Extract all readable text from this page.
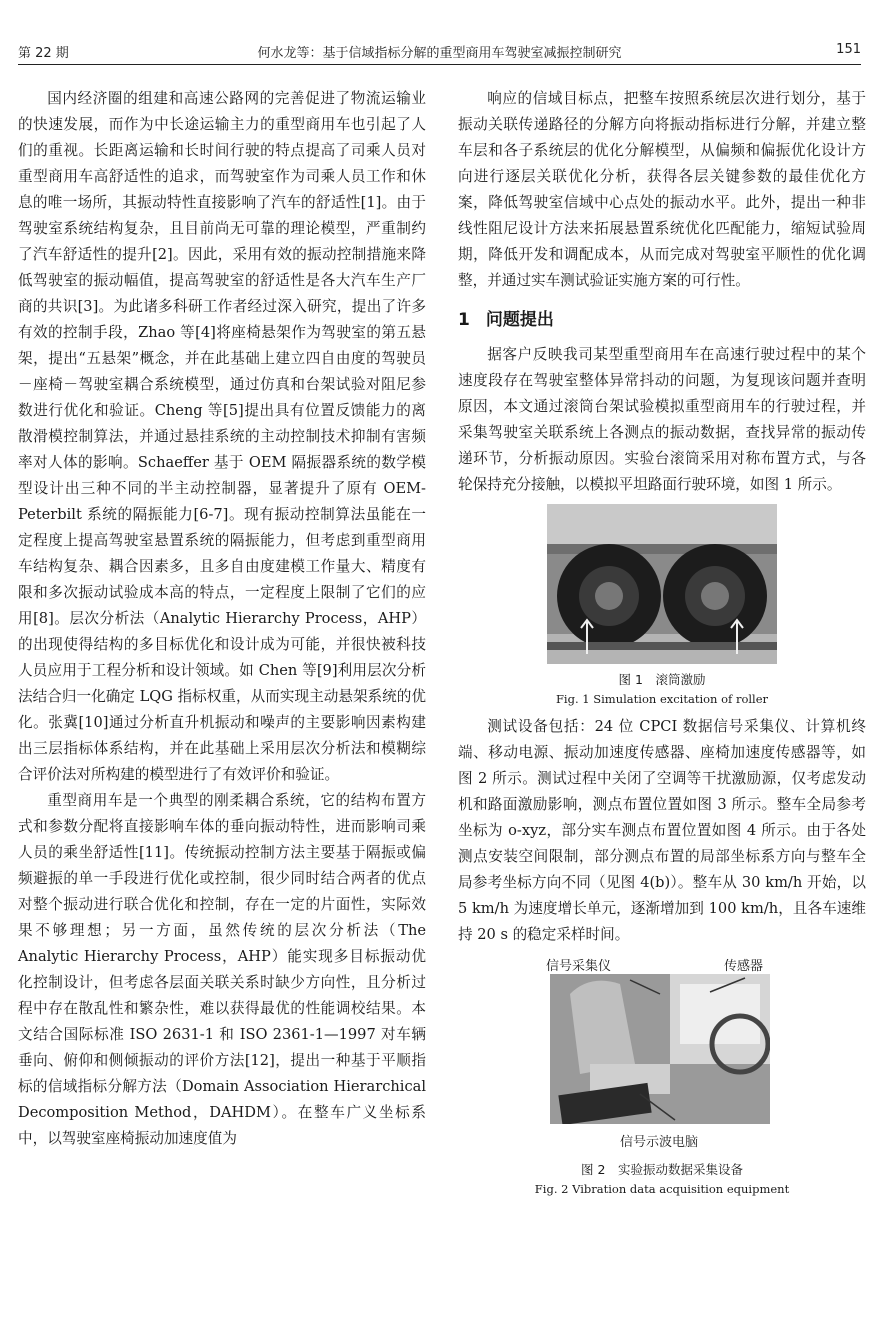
第 22 期	何水龙等：基于信域指标分解的重型商用车驾驶室减振控制研究	151

国内经济圈的组建和高速公路网的完善促进了物流运输业的快速发展，而作为中长途运输主力的重型商用车也引起了人们的重视。长距离运输和长时间行驶的特点提高了司乘人员对重型商用车高舒适性的追求，而驾驶室作为司乘人员工作和休息的唯一场所，其振动特性直接影响了汽车的舒适性[1]。由于驾驶室系统结构复杂，且目前尚无可靠的理论模型，严重制约了汽车舒适性的提升[2]。因此，采用有效的振动控制措施来降低驾驶室的振动幅值，提高驾驶室的舒适性是各大汽车生产厂商的共识[3]。为此诸多科研工作者经过深入研究，提出了许多有效的控制手段，Zhao 等[4]将座椅悬架作为驾驶室的第五悬架，提出“五悬架”概念，并在此基础上建立四自由度的驾驶员－座椅－驾驶室耦合系统模型，通过仿真和台架试验对阻尼参数进行优化和验证。Cheng 等[5]提出具有位置反馈能力的离散滑模控制算法，并通过悬挂系统的主动控制技术抑制有害频率对人体的影响。Schaeffer 基于 OEM 隔振器系统的数学模型设计出三种不同的半主动控制器，显著提升了原有 OEM-Peterbilt 系统的隔振能力[6-7]。现有振动控制算法虽能在一定程度上提高驾驶室悬置系统的隔振能力，但考虑到重型商用车结构复杂、耦合因素多，且多自由度建模工作量大、精度有限和多次振动试验成本高的特点，一定程度上限制了它们的应用[8]。层次分析法（Analytic Hierarchy Process，AHP）的出现使得结构的多目标优化和设计成为可能，并很快被科技人员应用于工程分析和设计领域。如 Chen 等[9]利用层次分析法结合归一化确定 LQG 指标权重，从而实现主动悬架系统的优化。张冀[10]通过分析直升机振动和噪声的主要影响因素构建出三层指标体系结构，并在此基础上采用层次分析法和模糊综合评价法对所构建的模型进行了有效评价和验证。

重型商用车是一个典型的刚柔耦合系统，它的结构布置方式和参数分配将直接影响车体的垂向振动特性，进而影响司乘人员的乘坐舒适性[11]。传统振动控制方法主要基于隔振或偏频避振的单一手段进行优化或控制，很少同时结合两者的优点对整个振动进行联合优化和控制，存在一定的片面性，实际效果不够理想；另一方面，虽然传统的层次分析法（The Analytic Hierarchy Process，AHP）能实现多目标振动优化控制设计，但考虑各层面关联关系时缺少方向性，且分析过程中存在散乱性和繁杂性，难以获得最优的性能调校结果。本文结合国际标准 ISO 2631-1 和 ISO 2361-1—1997 对车辆垂向、俯仰和侧倾振动的评价方法[12]，提出一种基于平顺指标的信域指标分解方法（Domain Association Hierarchical Decomposition Method，DAHDM）。在整车广义坐标系中，以驾驶室座椅振动加速度值为

响应的信域目标点，把整车按照系统层次进行划分，基于振动关联传递路径的分解方向将振动指标进行分解，并建立整车层和各子系统层的优化分解模型，从偏频和偏振优化设计方向进行逐层关联优化分析，获得各层关键参数的最佳优化方案，降低驾驶室信域中心点处的振动水平。此外，提出一种非线性阻尼设计方法来拓展悬置系统优化匹配能力，缩短试验周期，降低开发和调配成本，从而完成对驾驶室平顺性的优化调整，并通过实车测试验证实施方案的可行性。

1 问题提出

据客户反映我司某型重型商用车在高速行驶过程中的某个速度段存在驾驶室整体异常抖动的问题，为复现该问题并查明原因，本文通过滚筒台架试验模拟重型商用车的行驶过程，并采集驾驶室关联系统上各测点的振动数据，查找异常的振动传递环节，分析振动原因。实验台滚筒采用对称布置方式，与各轮保持充分接触，以模拟平坦路面行驶环境，如图 1 所示。

图 1　滚筒激励
Fig. 1 Simulation excitation of roller

测试设备包括：24 位 CPCI 数据信号采集仪、计算机终端、移动电源、振动加速度传感器、座椅加速度传感器等，如图 2 所示。测试过程中关闭了空调等干扰激励源，仅考虑发动机和路面激励影响，测点布置位置如图 3 所示。整车全局参考坐标为 o-xyz，部分实车测点布置位置如图 4 所示。由于各处测点安装空间限制，部分测点布置的局部坐标系方向与整车全局参考坐标方向不同（见图 4(b)）。整车从 30 km/h 开始，以 5 km/h 为速度增长单元，逐渐增加到 100 km/h，且各车速维持 20 s 的稳定采样时间。

信号采集仪	传感器
信号示波电脑
图 2　实验振动数据采集设备
Fig. 2 Vibration data acquisition equipment
